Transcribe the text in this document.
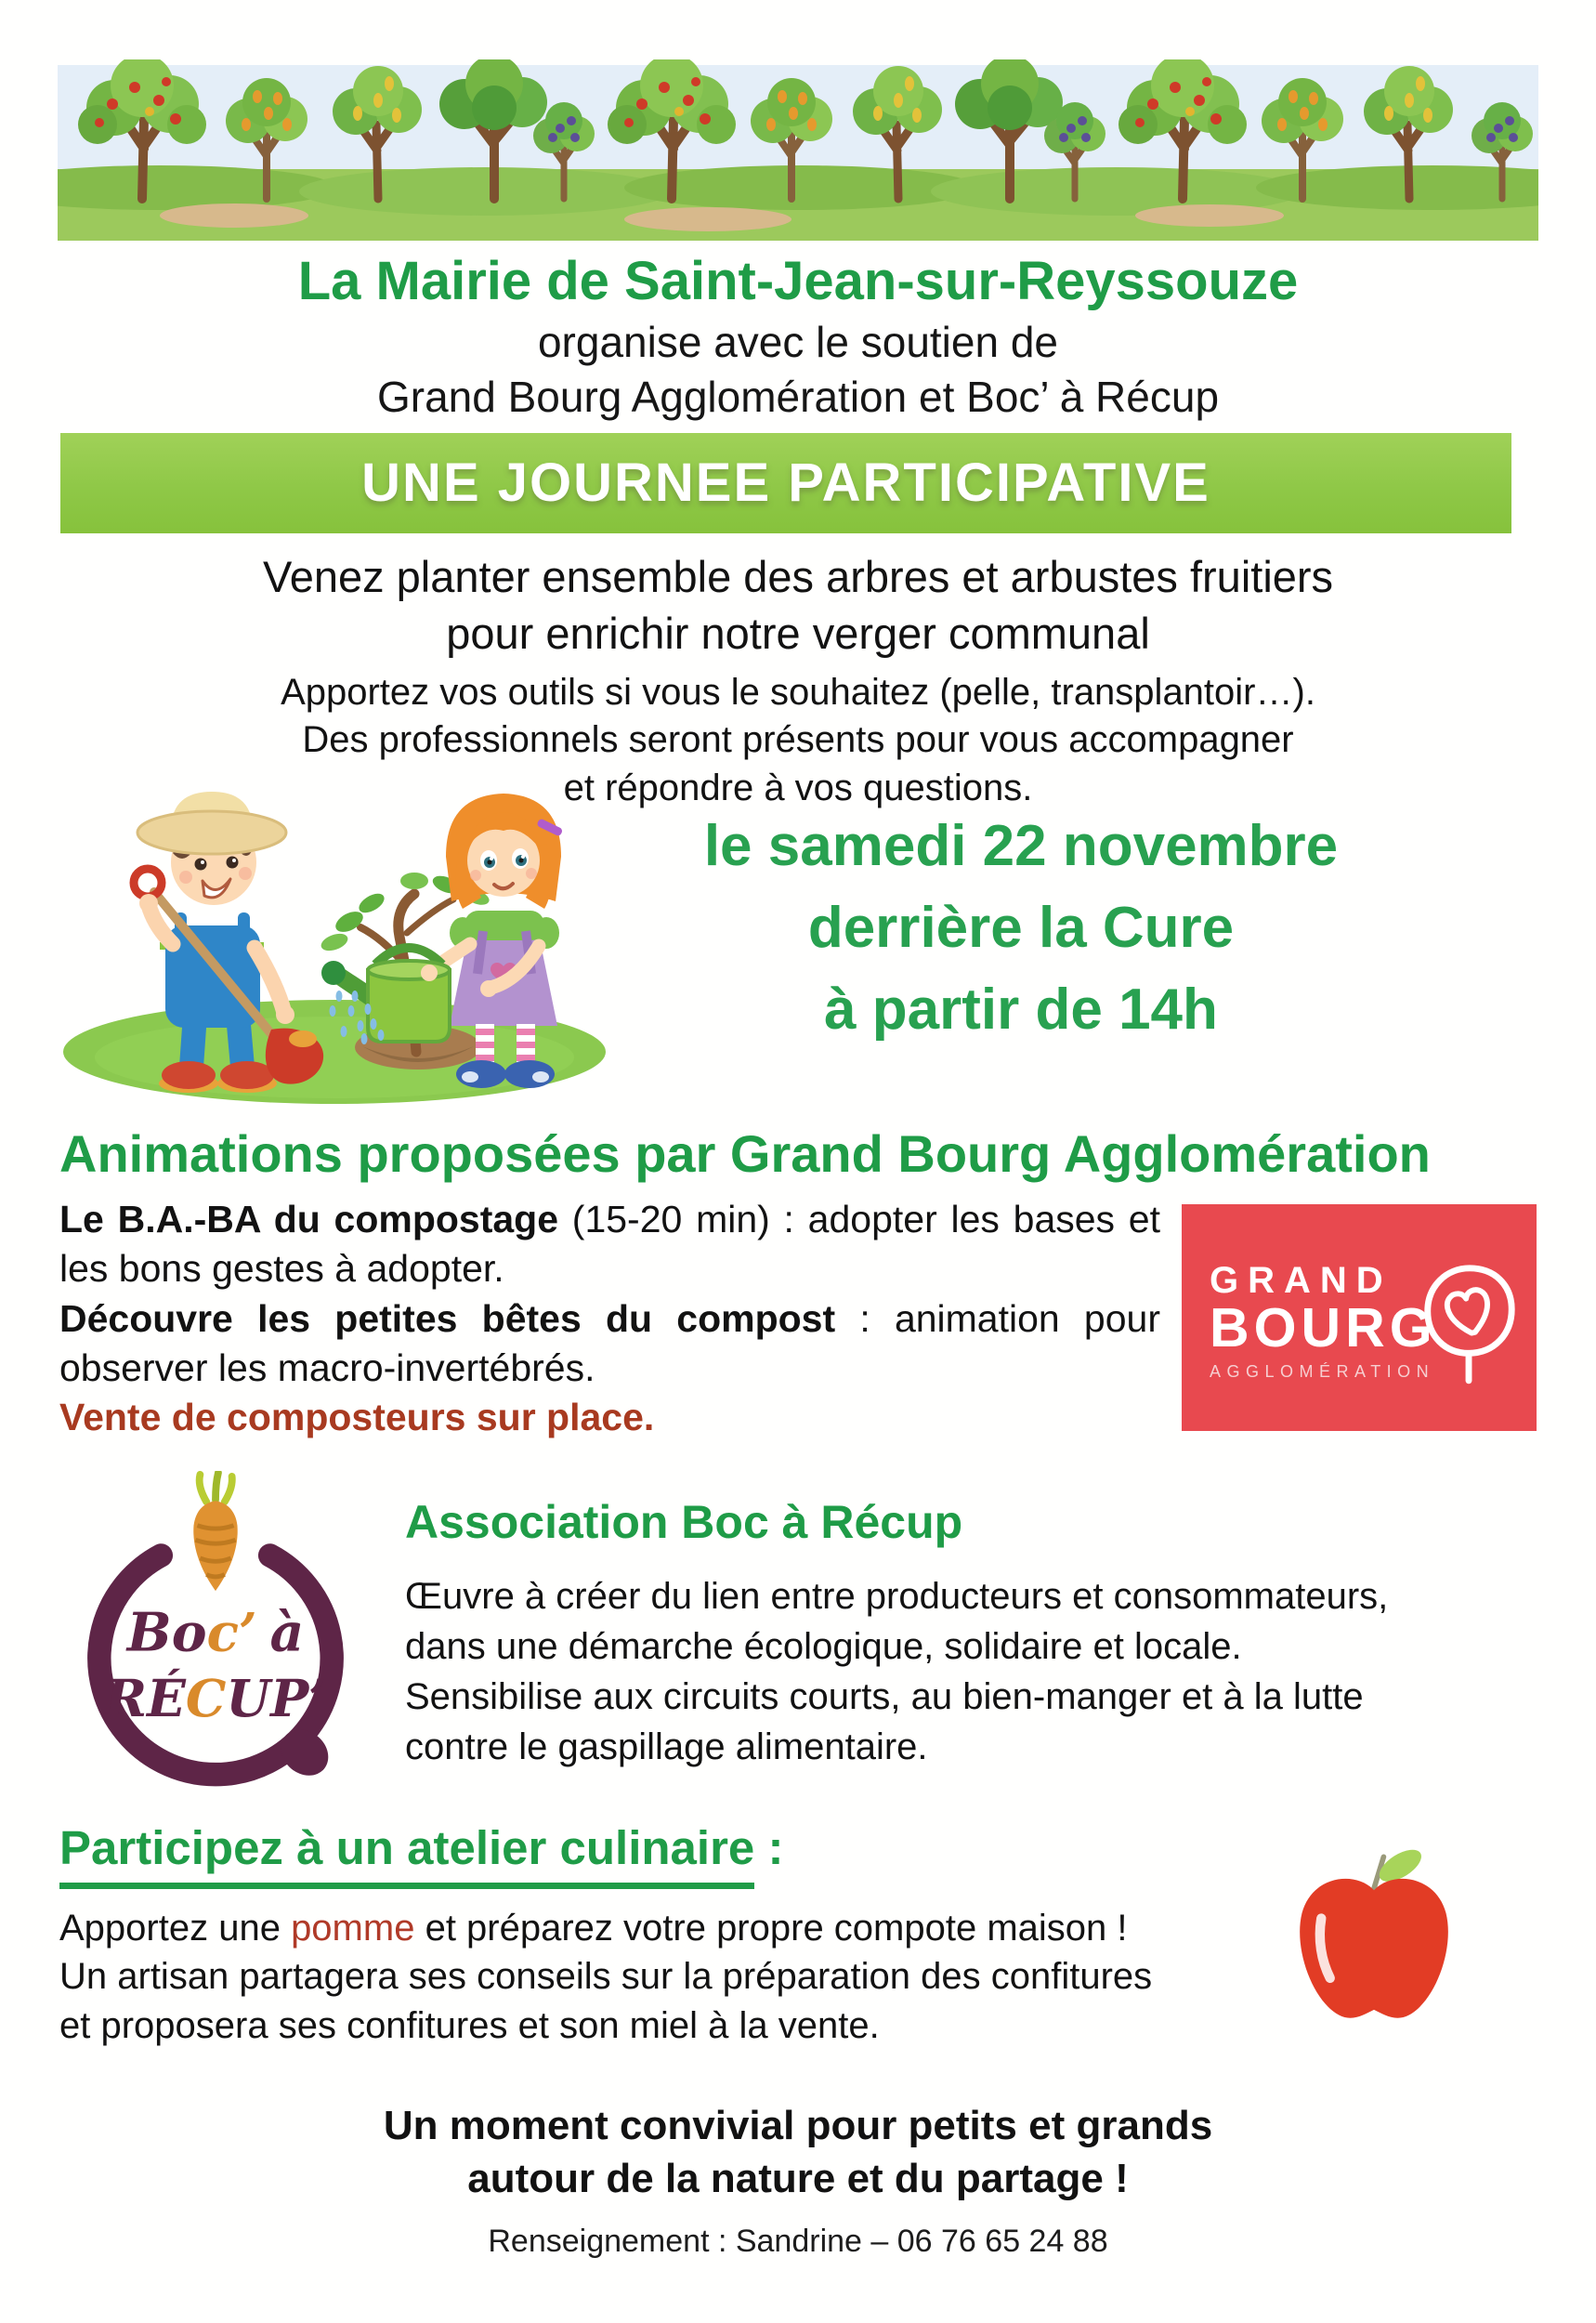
La Mairie de Saint-Jean-sur-Reyssouze

organise avec le soutien de

Grand Bourg Agglomération et Boc’ à Récup

UNE JOURNEE PARTICIPATIVE
Venez planter ensemble des arbres et arbustes fruitiers
pour enrichir notre verger communal
Apportez vos outils si vous le souhaitez (pelle, transplantoir…).
Des professionnels seront présents pour vous accompagner
et répondre à vos questions.
le samedi 22 novembre
derrière la Cure
à partir de 14h
Animations proposées par Grand Bourg Agglomération

Le B.A.-BA du compostage (15-20 min) : adopter les bases et les bons gestes à adopter.

Découvre les petites bêtes du compost : animation pour observer les macro-invertébrés.

Vente de composteurs sur place.

GRAND
BOURG
AGGLOMÉRATION
Boc’ à
RÉCUP’
Association Boc à Récup
Œuvre à créer du lien entre producteurs et consommateurs,
dans une démarche écologique, solidaire et locale.
Sensibilise aux circuits courts, au bien-manger et à la lutte
contre le gaspillage alimentaire.
Participez à un atelier culinaire :
Apportez une pomme et préparez votre propre compote maison !
Un artisan partagera ses conseils sur la préparation des confitures
et proposera ses confitures et son miel à la vente.
Un moment convivial pour petits et grands
autour de la nature et du partage !

Renseignement : Sandrine – 06 76 65 24 88
